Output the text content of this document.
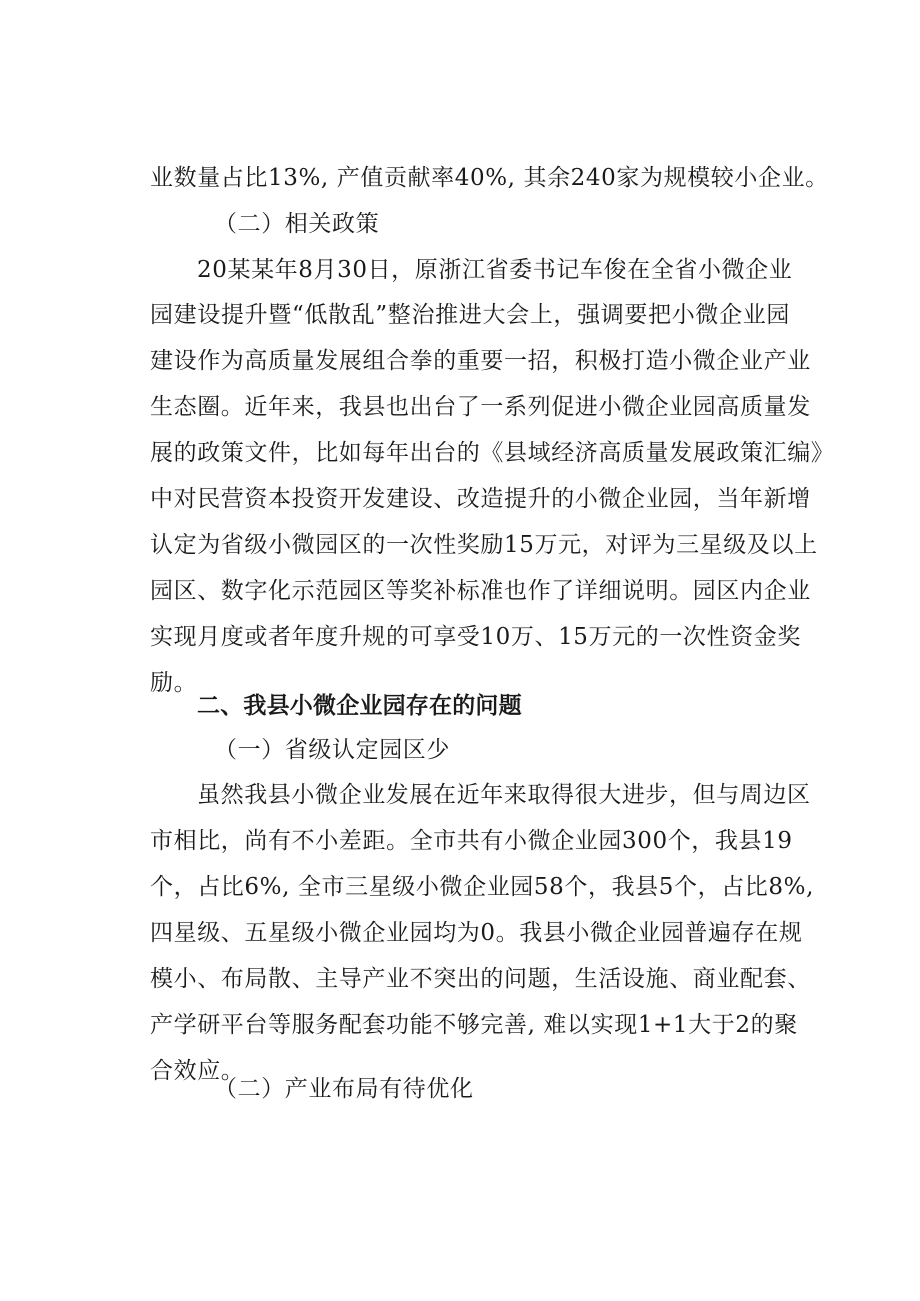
业数量占比13%, 产值贡献率40%, 其余240家为规模较小企业。
（二）相关政策
20某某年8月30日，原浙江省委书记车俊在全省小微企业
园建设提升暨“低散乱”整治推进大会上，强调要把小微企业园
建设作为高质量发展组合拳的重要一招，积极打造小微企业产业
生态圈。近年来，我县也出台了一系列促进小微企业园高质量发
展的政策文件，比如每年出台的《县域经济高质量发展政策汇编》
中对民营资本投资开发建设、改造提升的小微企业园，当年新增
认定为省级小微园区的一次性奖励15万元，对评为三星级及以上
园区、数字化示范园区等奖补标准也作了详细说明。园区内企业
实现月度或者年度升规的可享受10万、15万元的一次性资金奖
励。
二、我县小微企业园存在的问题
（一）省级认定园区少
虽然我县小微企业发展在近年来取得很大进步，但与周边区
市相比，尚有不小差距。全市共有小微企业园300个，我县19
个，占比6%, 全市三星级小微企业园58个，我县5个，占比8%,
四星级、五星级小微企业园均为0。我县小微企业园普遍存在规
模小、布局散、主导产业不突出的问题，生活设施、商业配套、
产学研平台等服务配套功能不够完善, 难以实现1+1大于2的聚
合效应。
（二）产业布局有待优化
